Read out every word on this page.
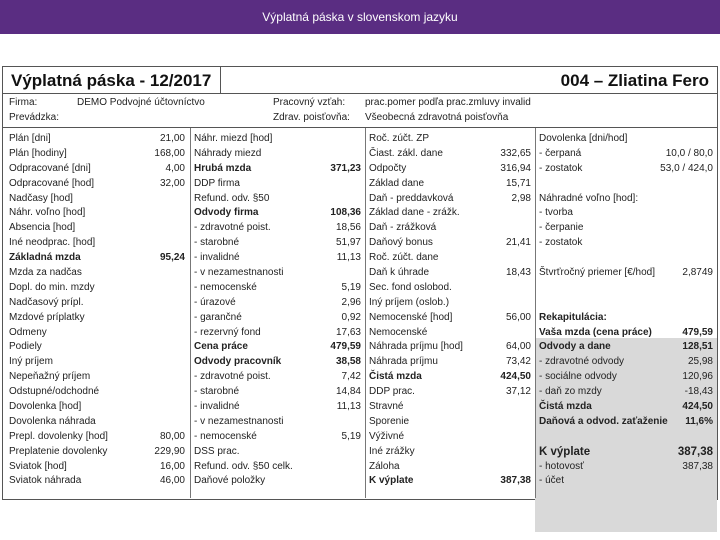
Výplatná páska v slovenskom jazyku
Výplatná páska - 12/2017	004 – Zliatina Fero
Firma:	DEMO Podvojné účtovníctvo
Prevádzka:
Pracovný vzťah: prac.pomer podľa prac.zmluvy invalid
Zdrav. poisťovňa: Všeobecná zdravotná poisťovňa
Plán [dni]	21,00
Plán [hodiny]	168,00
Odpracované [dni]	4,00
Odpracované [hod]	32,00
Nadčasy [hod]
Náhr. voľno [hod]
Absencia [hod]
Iné neodprac. [hod]
Základná mzda	95,24
Mzda za nadčas
Dopl. do min. mzdy
Nadčasový prípl.
Mzdové príplatky
Odmeny
Podiely
Iný príjem
Nepeňažný príjem
Odstupné/odchodné
Dovolenka [hod]
Dovolenka náhrada
Prepl. dovolenky [hod]	80,00
Preplatenie dovolenky	229,90
Sviatok [hod]	16,00
Sviatok náhrada	46,00
Náhr. miezd [hod]
Náhrady miezd
Hrubá mzda	371,23
DDP firma
Refund. odv. §50
Odvody firma	108,36
- zdravotné poist.	18,56
- starobné	51,97
- invalidné	11,13
- v nezamestnanosti
- nemocenské	5,19
- úrazové	2,96
- garančné	0,92
- rezervný fond	17,63
Cena práce	479,59
Odvody pracovník	38,58
- zdravotné poist.	7,42
- starobné	14,84
- invalidné	11,13
- v nezamestnanosti
- nemocenské	5,19
DSS prac.
Refund. odv. §50 celk.
Daňové položky
Roč. zúčt. ZP
Čiast. zákl. dane	332,65
Odpočty	316,94
Základ dane	15,71
Daň - preddavková	2,98
Základ dane - zrážk.
Daň - zrážková
Daňový bonus	21,41
Roč. zúčt. dane
Daň k úhrade	18,43
Sec. fond oslobod.
Iný príjem (oslob.)
Nemocenské [hod]	56,00
Nemocenské
Náhrada príjmu [hod]	64,00
Náhrada príjmu	73,42
Čistá mzda	424,50
DDP prac.	37,12
Stravné
Sporenie
Výživné
Iné zrážky
Záloha
K výplate	387,38
Dovolenka [dni/hod]
- čerpaná	10,0 / 80,0
- zostatok	53,0 / 424,0
Náhradné voľno [hod]:
- tvorba
- čerpanie
- zostatok
Štvrťročný priemer [€/hod]	2,8749
Rekapitulácia:
Vaša mzda (cena práce)	479,59
Odvody a dane	128,51
- zdravotné odvody	25,98
- sociálne odvody	120,96
- daň zo mzdy	-18,43
Čistá mzda	424,50
Daňová a odvod. zaťaženie 11,6%
K výplate	387,38
- hotovosť	387,38
- účet
